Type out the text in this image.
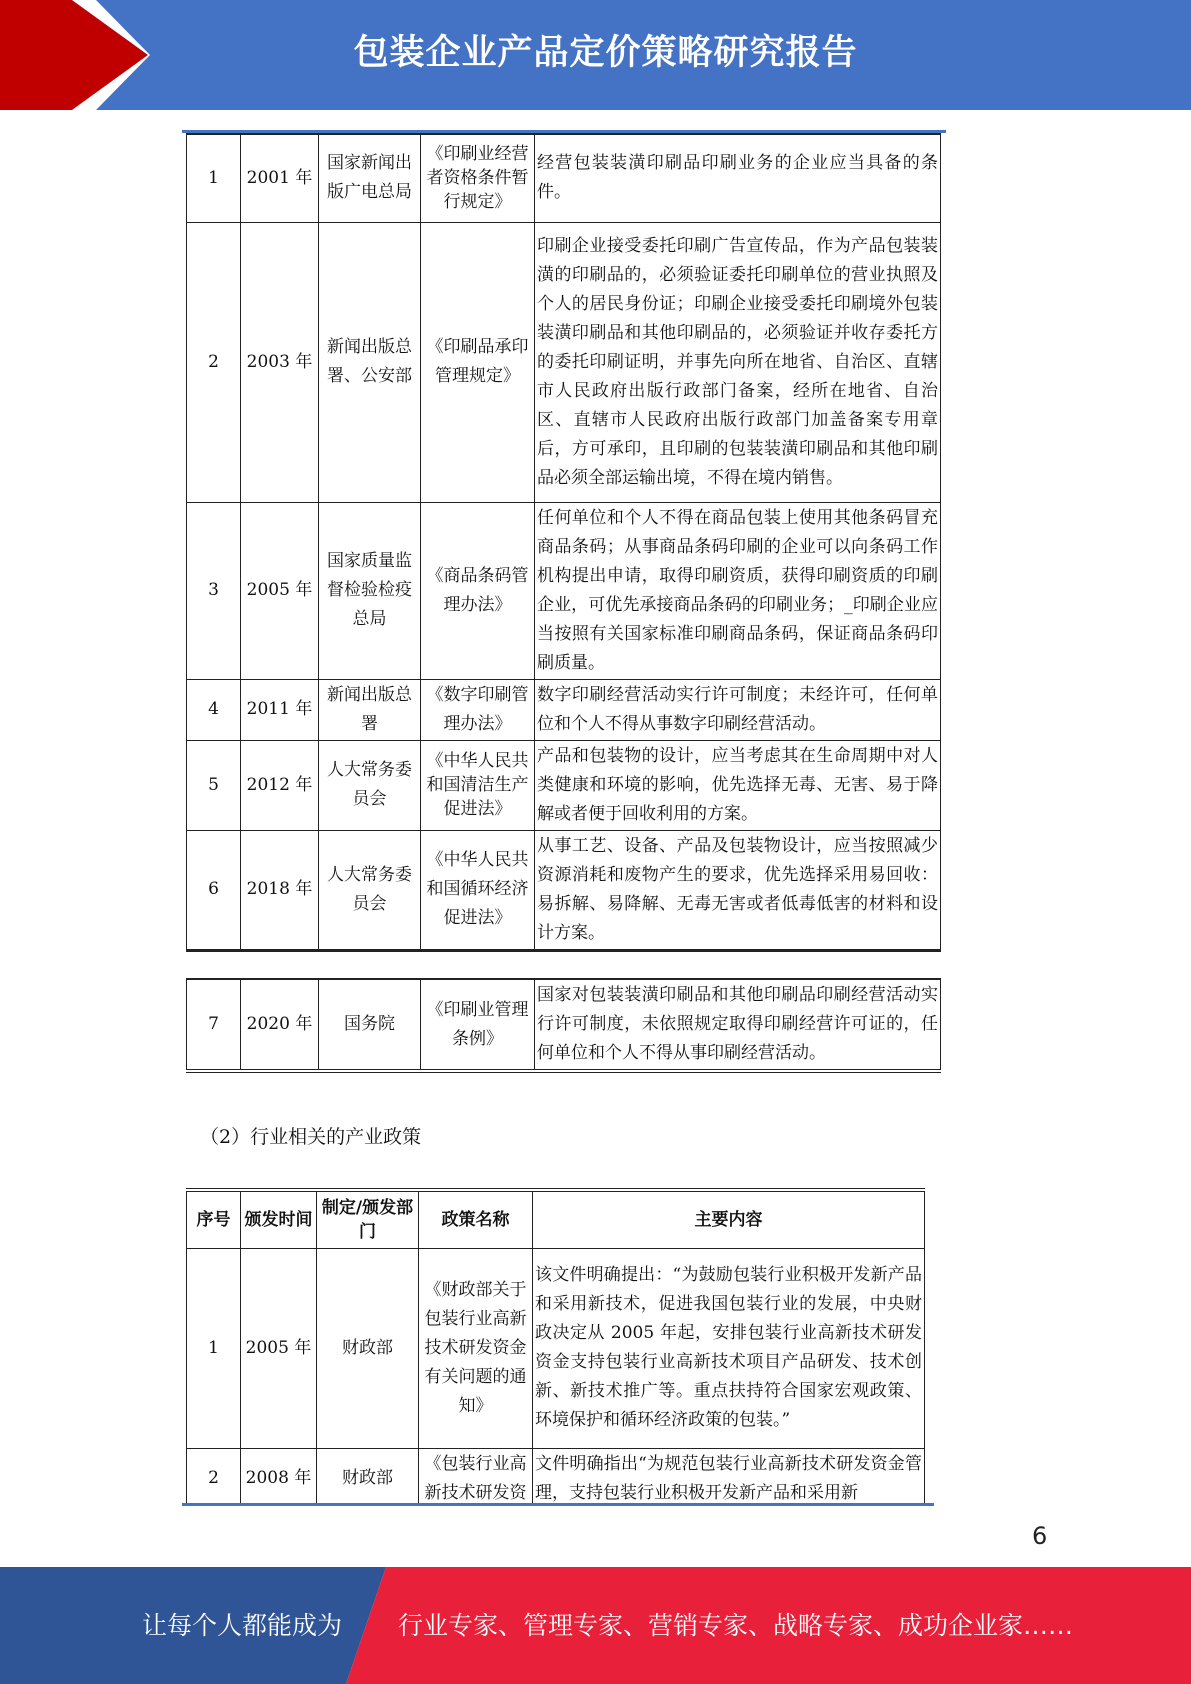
包装企业产品定价策略研究报告
1	2001 年	国家新闻出版广电总局	《印刷业经营者资格条件暂行规定》	经营包装装潢印刷品印刷业务的企业应当具备的条件。
2	2003 年	新闻出版总署、公安部	《印刷品承印管理规定》	印刷企业接受委托印刷广告宣传品，作为产品包装装潢的印刷品的，必须验证委托印刷单位的营业执照及个人的居民身份证；印刷企业接受委托印刷境外包装装潢印刷品和其他印刷品的，必须验证并收存委托方的委托印刷证明，并事先向所在地省、自治区、直辖市人民政府出版行政部门备案，经所在地省、自治区、直辖市人民政府出版行政部门加盖备案专用章后，方可承印，且印刷的包装装潢印刷品和其他印刷品必须全部运输出境，不得在境内销售。
3	2005 年	国家质量监督检验检疫总局	《商品条码管理办法》	任何单位和个人不得在商品包装上使用其他条码冒充商品条码；从事商品条码印刷的企业可以向条码工作机构提出申请，取得印刷资质，获得印刷资质的印刷企业，可优先承接商品条码的印刷业务；_印刷企业应当按照有关国家标准印刷商品条码，保证商品条码印刷质量。
4	2011 年	新闻出版总署	《数字印刷管理办法》	数字印刷经营活动实行许可制度；未经许可，任何单位和个人不得从事数字印刷经营活动。
5	2012 年	人大常务委员会	《中华人民共和国清洁生产促进法》	产品和包装物的设计，应当考虑其在生命周期中对人类健康和环境的影响，优先选择无毒、无害、易于降解或者便于回收利用的方案。
6	2018 年	人大常务委员会	《中华人民共和国循环经济促进法》	从事工艺、设备、产品及包装物设计，应当按照减少资源消耗和废物产生的要求，优先选择采用易回收：易拆解、易降解、无毒无害或者低毒低害的材料和设计方案。
7	2020 年	国务院	《印刷业管理条例》	国家对包装装潢印刷品和其他印刷品印刷经营活动实行许可制度，未依照规定取得印刷经营许可证的，任何单位和个人不得从事印刷经营活动。
（2）行业相关的产业政策
序号	颁发时间	制定/颁发部门	政策名称	主要内容
1	2005 年	财政部	《财政部关于包装行业高新技术研发资金有关问题的通知》	该文件明确提出：“为鼓励包装行业积极开发新产品和采用新技术，促进我国包装行业的发展，中央财政决定从 2005 年起，安排包装行业高新技术研发资金支持包装行业高新技术项目产品研发、技术创新、新技术推广等。重点扶持符合国家宏观政策、环境保护和循环经济政策的包装。”
2	2008 年	财政部	《包装行业高新技术研发资	文件明确指出“为规范包装行业高新技术研发资金管理，支持包装行业积极开发新产品和采用新
6
让每个人都能成为 行业专家、管理专家、营销专家、战略专家、成功企业家……
